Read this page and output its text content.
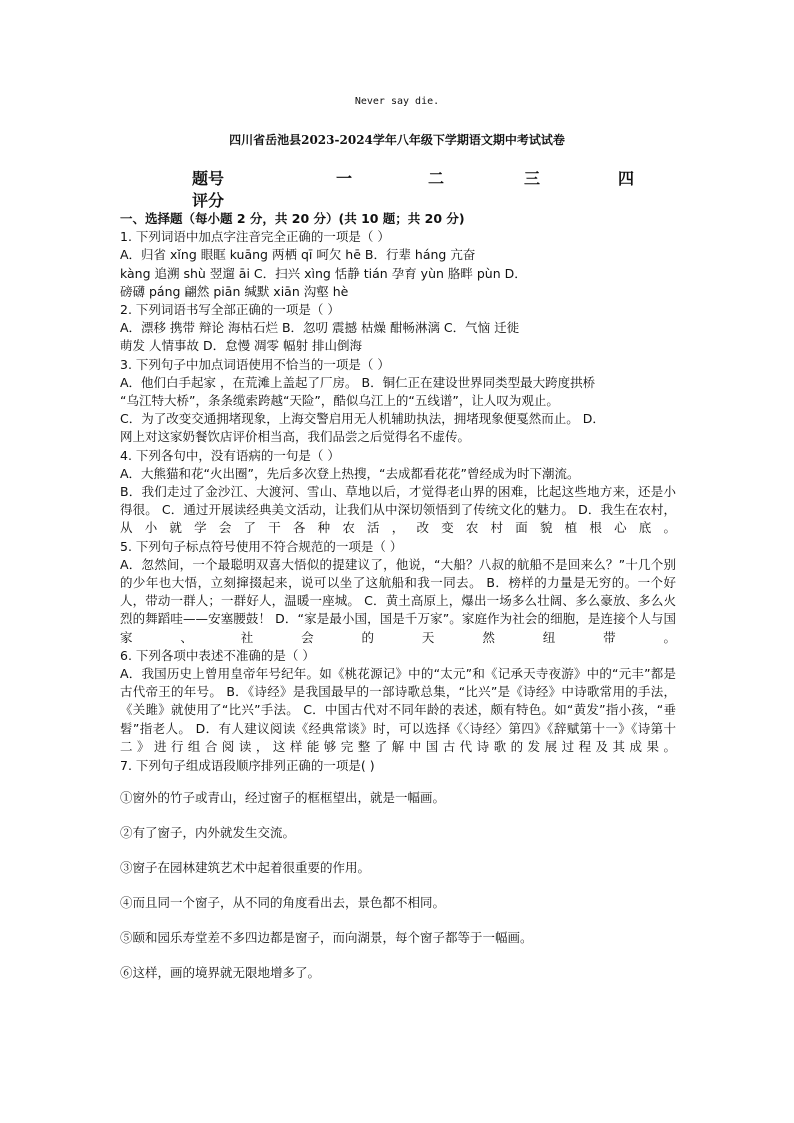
Never say die.
四川省岳池县2023-2024学年八年级下学期语文期中考试试卷
题号	一	二	三	四
评分
一、选择题（每小题 2 分，共 20 分）(共 10 题；共 20 分)
1. 下列词语中加点字注音完全正确的一项是（ ）
A．归省 xǐng 眼眶 kuāng 两栖 qī 呵欠 hē B．行辈 háng 亢奋
kàng 追溯 shù 翌遛 āi C．扫兴 xìng 恬静 tián 孕育 yùn 胳畔 pùn D．
磅礴 páng 翩然 piān 缄默 xiān 沟壑 hè
2. 下列词语书写全部正确的一项是（ ）
A．漂移 携带 辩论 海枯石烂 B．忽叨 震撼 枯燥 酣畅淋漓 C．气恼 迁徙
萌发 人情事故 D．怠慢 凋零 幅射 排山倒海
3. 下列句子中加点词语使用不恰当的一项是（ ）
A．他们白手起家 ，在荒滩上盖起了厂房。 B．铜仁正在建设世界同类型最大跨度拱桥
“乌江特大桥”，条条缆索跨越“天险”，酷似乌江上的“五线谱”，让人叹为观止。
C．为了改变交通拥堵现象，上海交警启用无人机辅助执法，拥堵现象便戛然而止。 D．
网上对这家奶餐饮店评价相当高，我们品尝之后觉得名不虚传。
4. 下列各句中，没有语病的一句是（ ）
A．大熊猫和花“火出圈”，先后多次登上热搜，“去成都看花花”曾经成为时下潮流。
B．我们走过了金沙江、大渡河、雪山、草地以后，才觉得老山界的困难，比起这些地方来，还是小得很。 C．通过开展读经典美文活动，让我们从中深切领悟到了传统文化的魅力。 D．我生在农村，从小就学会了干各种农活，改变农村面貌植根心底。
5. 下列句子标点符号使用不符合规范的一项是（ ）
A．忽然间，一个最聪明双喜大悟似的提建议了，他说，“大船？八叔的航船不是回来么？”十几个别的少年也大悟，立刻撺掇起来，说可以坐了这航船和我一同去。 B．榜样的力量是无穷的。一个好人，带动一群人；一群好人，温暖一座城。 C．黄土高原上，爆出一场多么壮阔、多么豪放、多么火烈的舞蹈哇——安塞腰鼓！ D．“家是最小国，国是千万家”。家庭作为社会的细胞，是连接个人与国家、社会的天然纽带。
6. 下列各项中表述不准确的是（ ）
A．我国历史上曾用皇帝年号纪年。如《桃花源记》中的“太元”和《记承天寺夜游》中的“元丰”都是古代帝王的年号。 B．《诗经》是我国最早的一部诗歌总集，“比兴”是《诗经》中诗歌常用的手法，《关雎》就使用了“比兴”手法。 C．中国古代对不同年龄的表述，颇有特色。如“黄发”指小孩，“垂髫”指老人。 D．有人建议阅读《经典常谈》时，可以选择《〈诗经〉第四》《辞赋第十一》《诗第十二》进行组合阅读，这样能够完整了解中国古代诗歌的发展过程及其成果。
7. 下列句子组成语段顺序排列正确的一项是( )
①窗外的竹子或青山，经过窗子的框框望出，就是一幅画。
②有了窗子，内外就发生交流。
③窗子在园林建筑艺术中起着很重要的作用。
④而且同一个窗子，从不同的角度看出去，景色都不相同。
⑤颐和园乐寿堂差不多四边都是窗子，而向湖景，每个窗子都等于一幅画。
⑥这样，画的境界就无限地增多了。
